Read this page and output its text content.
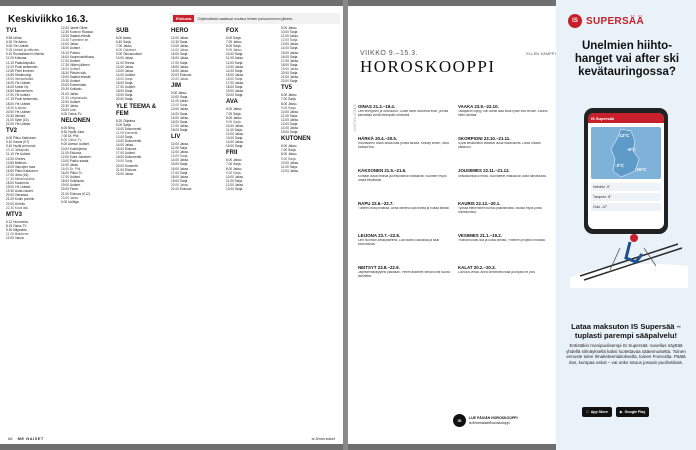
Keskiviikko 16.3.	Elokuva	Ohjelmatiedot saattavat muuttua lehden painoonmenon jälkeen.
TV1
5.55 Uriina.
6.20 Yle Aamu.
9.00 Yle Uutiset.
9.05 Uutiset ja viittomin.
9.10 Ruotsalaisen Urheilun
11.00 Kotimaa.
12.10 Palautuspolku.
12.20 Puoli seitsemän.
12.55 Pieni ihminen.
14.55 Strasbourgi.
15.05 Ihmiselämää.
16.00 Yle Uutiset.
16.05 Koirat Oy.
16.50 Mannerheim.
17.00 Yle uutiset.
17.15 Puoli seitsemän.
18.00 Yle Uutiset.
18.30 A-studio.
20.00 Yle Uutiset.
20.30 Ihmisiä.
21.00 Syke (16).
22.00 Yle Uutiset.
TV2
6.00 Pikku Kakkonen.
9.10 Karvat (K7).
9.40 Hyvät ja huonot.
10.10 Jalkapallo.
11.10 Yle Uutiset.
12.00 Cheers.
13.55 Biathlon.
15.05 Vauvojen maa.
16.50 Pikku Kakkonen.
17.00 Juha (16).
17.30 Mielenosoitus.
18.00 Kadonnut.
19.00 Yle Uutiset.
19.30 Uutis-vuodet.
20.00 Vieraissa.
21.00 Kodin puhelin.
22.00 Urheilu.
22.30 Kova laki.
MTV3
6.12 Huomenta.
8.15 Ostos-TV.
9.30 Miljonääri.
11.00 Makeover.
12.00 Vauva.
12.00 Jamie Oliver.
12.30 Kunnon Ruokaa.
13.00 Salatut elämät.
13.30 Tunteiden tie.
14.00 Jakso.
15.00 Uutiset.
15.10 Putous.
16.00 Kauneusleikkaus.
17.00 Uutiset.
17.30 Viiden jälkeen.
18.00 Uutiset.
18.30 Päivän sää.
19.00 Salatut elämät.
19.30 Uutiset.
20.00 Emmerdale.
20.30 Kotikatu.
21.00 Jakso.
21.30 Leijonaluola.
22.00 Uutiset.
22.30 Jakso.
23.00 Live.
0.00 Ostos-TV.
NELONEN
6.00 Bing.
6.30 Hyvät Jutut.
7.00 Dr. Phil.
8.00 Ostos-TV.
9.00 Aamun Uutiset.
10.00 Kotiohjelma.
11.00 Elokuva.
12.00 Koira Jokainen.
13.00 Pakko saada.
14.00 Jakso.
15.00 Dr. Phil.
16.00 Pikku Tv.
17.00 Uutiset.
18.00 Kokkisota.
19.00 Uutiset.
20.00 Farmi.
21.00 Elokuva (K12).
23.00 Jakso.
0.00 Uniliiga.
SUB
6.00 Aamu.
6.40 Sarja.
7.00 Jakso.
8.00 Ostokset.
9.00 Talousuutiset.
10.00 Jakso.
11.00 Teema.
12.00 Jakso.
13.00 Jakso.
14.00 Uutiset.
15.00 Sarja.
16.00 Sarja.
17.00 Uutiset.
18.00 Sarja.
19.00 Sarja.
20.00 Sarja.
YLE TEEMA & FEM
8.20 Ohjelma.
9.00 Sarja.
10.00 Dokumentti.
11.00 Konsertti.
12.00 Sarja.
13.00 Dokumentti.
14.00 Jakso.
15.00 Elokuva.
17.00 Uutiset.
18.00 Dokumentti.
19.00 Sarja.
20.00 Konsertti.
21.00 Elokuva.
23.00 Jakso.
HERO
12.00 Jakso.
12.30 Sarja.
13.00 Jakso.
14.00 Jakso.
15.00 Sarja.
16.00 Jakso.
17.00 Sarja.
18.00 Jakso.
19.00 Jakso.
20.00 Elokuva.
22.00 Jakso.
JIM
9.00 Jakso.
10.00 Sarja.
11.00 Jakso.
12.00 Sarja.
13.00 Jakso.
14.00 Sarja.
15.00 Jakso.
16.00 Sarja.
17.00 Jakso.
18.00 Sarja.
LIV
10.00 Jakso.
11.00 Sarja.
12.00 Jakso.
13.00 Sarja.
14.00 Jakso.
15.00 Sarja.
16.00 Jakso.
17.00 Sarja.
18.00 Jakso.
19.00 Sarja.
20.00 Jakso.
21.00 Elokuva.
FOX
6.00 Sarja.
7.00 Jakso.
8.00 Sarja.
9.00 Jakso.
10.00 Sarja.
11.00 Jakso.
12.00 Sarja.
13.00 Jakso.
14.00 Sarja.
15.00 Jakso.
16.00 Sarja.
17.00 Jakso.
18.00 Sarja.
19.00 Jakso.
20.00 Sarja.
AVA
6.00 Jakso.
7.00 Sarja.
8.00 Jakso.
9.00 Sarja.
10.00 Jakso.
11.00 Sarja.
12.00 Jakso.
13.00 Sarja.
14.00 Jakso.
15.00 Sarja.
FRII
6.00 Jakso.
7.00 Sarja.
8.00 Jakso.
9.00 Sarja.
10.00 Jakso.
11.00 Sarja.
12.00 Jakso.
13.00 Sarja.
9.00 Jakso.
10.00 Sarja.
11.00 Jakso.
12.00 Sarja.
13.00 Jakso.
14.00 Sarja.
15.00 Jakso.
16.00 Sarja.
17.00 Jakso.
18.00 Sarja.
19.00 Jakso.
20.00 Sarja.
21.00 Jakso.
22.00 Sarja.
TV5
6.00 Jakso.
7.00 Sarja.
8.00 Jakso.
9.00 Sarja.
10.00 Jakso.
11.00 Sarja.
12.00 Jakso.
13.00 Sarja.
14.00 Jakso.
15.00 Sarja.
KUTONEN
6.00 Jakso.
7.00 Sarja.
8.00 Jakso.
9.00 Sarja.
10.00 Jakso.
11.00 Sarja.
12.00 Jakso.
68 ME NAISET	is.fi/menaiset
VIIKKO 9.–15.3.
HOROSKOOPPI
ELLEN KAMPPI
KUVITUS: ISTOCK OINAS 21.3.–19.4.
Olet energinen ja innostunut. Uudet ideat nousevat esiin, ja niitä kannattaa viedä eteenpäin rohkeasti.
HÄRKÄ 20.4.–20.5.
Rauhallinen viikko antaa tilaa pohtia asioita. Keskity siihen, mikä tuottaa iloa.
KAKSONEN 21.5.–21.6.
Kohtaat uusia ihmisiä ja keskustelut virkistävät. Kuuntele myös omaa intuitiotasi.
RAPU 22.6.–22.7.
Tunteet ovat pinnassa. Anna itsellesi lupa levätä ja hoitaa itseäsi.
LEIJONA 23.7.–22.8.
Olet huomion keskipisteenä. Luovuutesi kukoistaa ja saat tunnustusta.
NEITSYT 23.8.–22.9.
Järjestelmällisyytesi palkitaan. Pienet askeleet vievät kohti suurta tavoitetta.
VAAKA 23.9.–22.10.
Tasapaino löytyy, kun annat tilaa sekä työlle että levolle. Kaunis hetki odottaa.
SKORPIONI 23.10.–21.11.
Syvät keskustelut avaavat uusia näkökulmia. Luota omaan vaistoosi.
JOUSIMIES 22.11.–21.12.
Seikkailunhalu herää. Suunnittele matkaa tai uutta harrastusta.
KAURIS 22.12.–20.1.
Työssä eteneminen tuntuu palkitsevalta. Muista myös juhlia onnistumisia.
VESIMIES 21.1.–19.2.
Ystävät tuovat iloa ja uusia ideoita. Yhteinen projekti innostaa.
KALAT 20.2.–20.3.
Luovuus virtaa. Anna unelmillesi tilaa ja kirjoita ne ylös.
IS	LUE PÄIVÄN HOROSKOOPPI
is.fi/menaiset/horoskooppi
IS SUPERSÄÄ
Unelmien hiihto-hanget vai after ski kevätauringossa?
IS Supersää
-12°C
-8°C
-3°C
-15°C
Helsinki -5°
Tampere -8°
Oulu -12°
Lataa maksuton IS Supersää – tuplasti parempi sääpalvelu!
Entistäkin monipuolisempi IS Supersää -sovellus näyttää yhdellä silmäyksellä kaksi luotettavaa sääennustetta. Toinen ennuste tulee Ilmatieteenlaitokselta, toinen Forecalta. Päätä itse, kumpaa uskot – vai onko totuus jossain puolivälissä.
App Store	▶ Google Play
